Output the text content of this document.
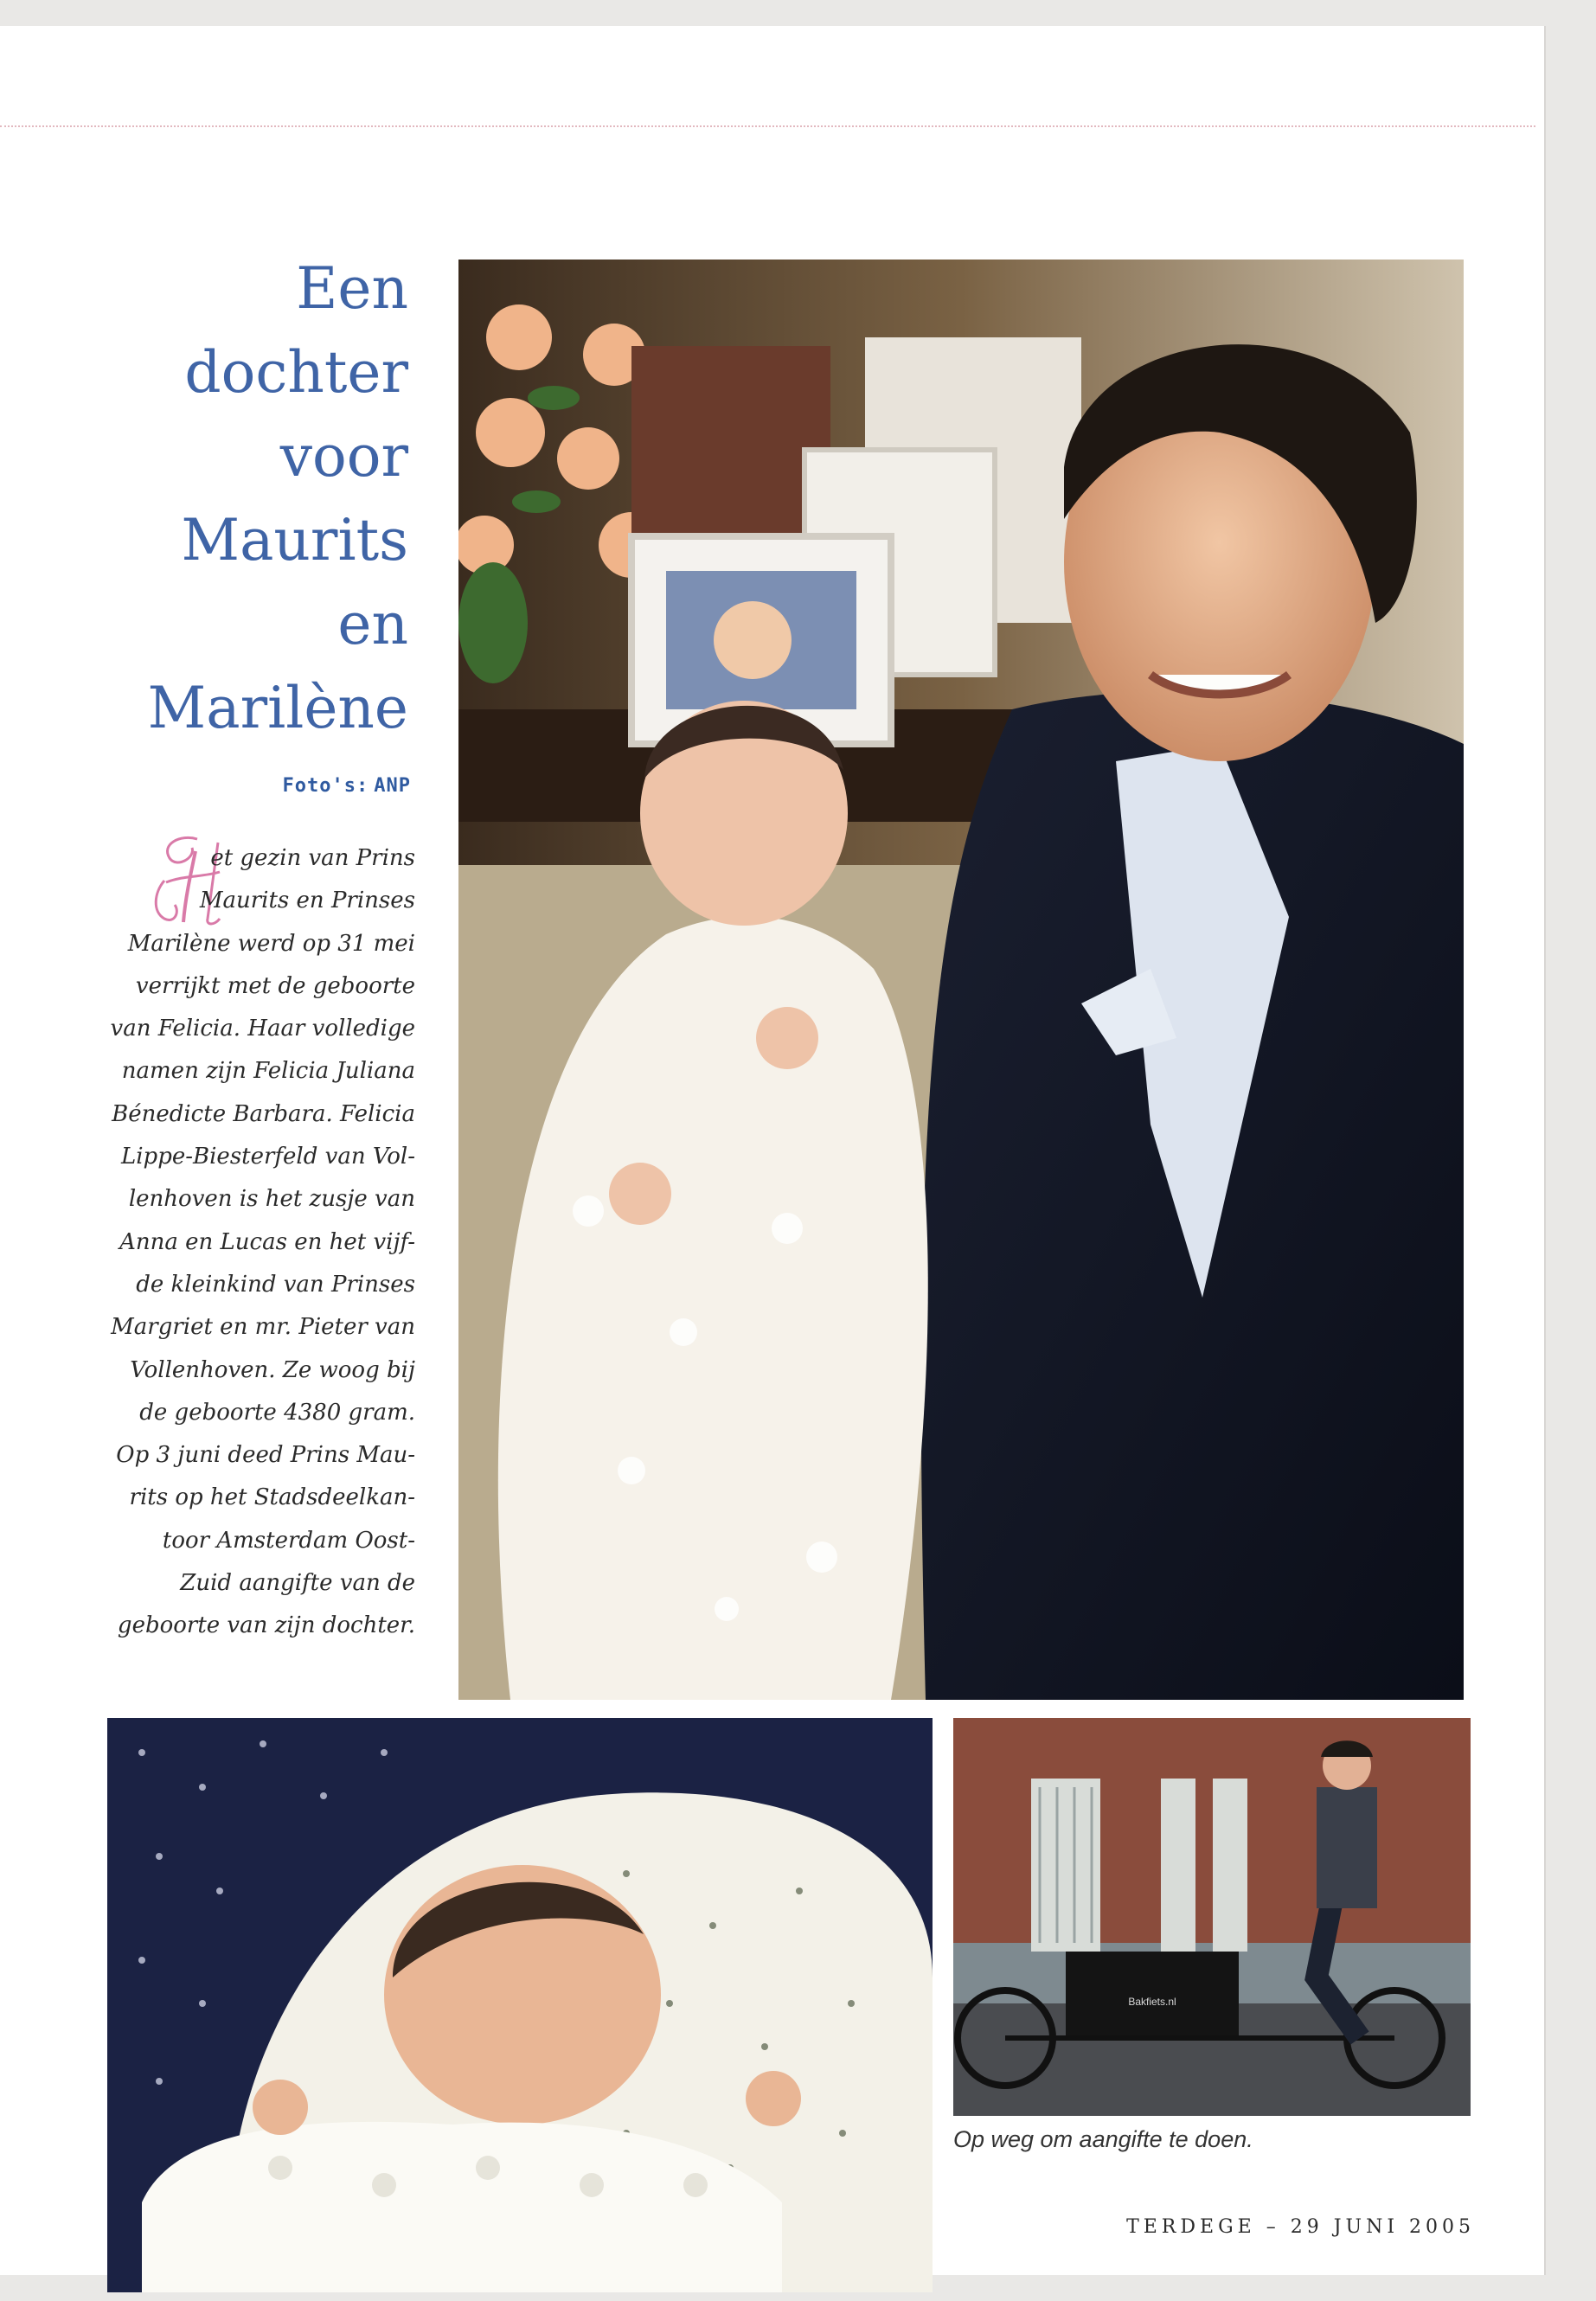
Een
dochter
voor
Maurits
en
Marilène
Foto's: ANP
et gezin van Prins
Maurits en Prinses
Marilène werd op 31 mei
verrijkt met de geboorte
van Felicia. Haar volledige
namen zijn Felicia Juliana
Bénedicte Barbara. Felicia
Lippe-Biesterfeld van Vol-
lenhoven is het zusje van
Anna en Lucas en het vijf-
de kleinkind van Prinses
Margriet en mr. Pieter van
Vollenhoven. Ze woog bij
de geboorte 4380 gram.
Op 3 juni deed Prins Mau-
rits op het Stadsdeelkan-
toor Amsterdam Oost-
Zuid aangifte van de
geboorte van zijn dochter.
Bakfiets.nl
Op weg om aangifte te doen.
TERDEGE – 29 JUNI 2005
